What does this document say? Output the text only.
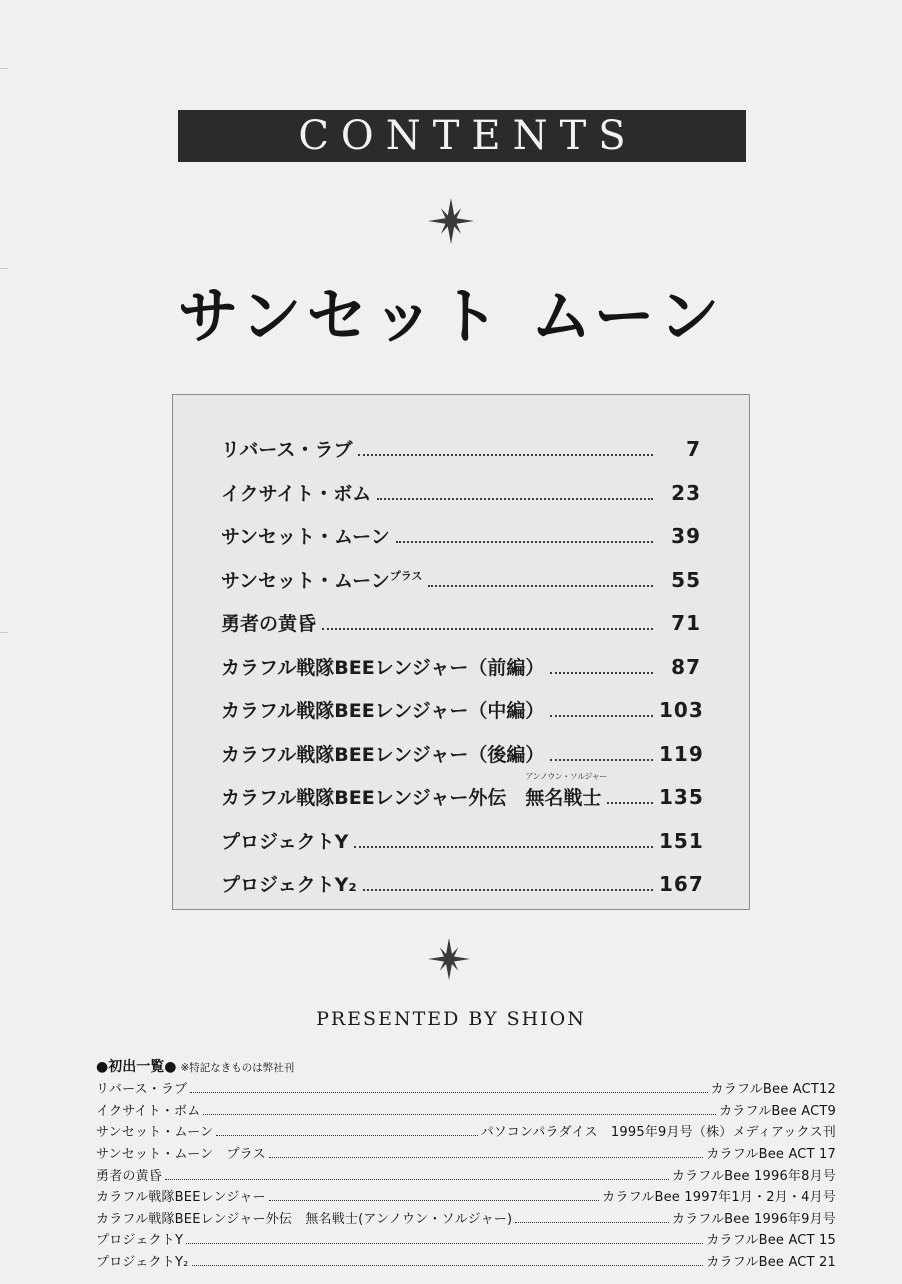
CONTENTS
サンセット ムーン
リバース・ラブ	7
イクサイト・ボム	23
サンセット・ムーン	39
サンセット・ムーン$^{プラス}$	55
勇者の黄昏	71
カラフル戦隊BEEレンジャー（前編）	87
カラフル戦隊BEEレンジャー（中編）	103
カラフル戦隊BEEレンジャー（後編）	119
カラフル戦隊BEEレンジャー外伝　
アンノウン・ソルジャー
無名戦士	135
プロジェクトY	151
プロジェクトY₂	167
PRESENTED BY SHION
●初出一覧● ※特記なきものは弊社刊
リバース・ラブ	カラフルBee ACT12
イクサイト・ボム	カラフルBee ACT9
サンセット・ムーン	パソコンパラダイス　1995年9月号（株）メディアックス刊
サンセット・ムーン　プラス	カラフルBee ACT 17
勇者の黄昏	カラフルBee 1996年8月号
カラフル戦隊BEEレンジャー	カラフルBee 1997年1月・2月・4月号
カラフル戦隊BEEレンジャー外伝　無名戦士(アンノウン・ソルジャー)	カラフルBee 1996年9月号
プロジェクトY	カラフルBee ACT 15
プロジェクトY₂	カラフルBee ACT 21
